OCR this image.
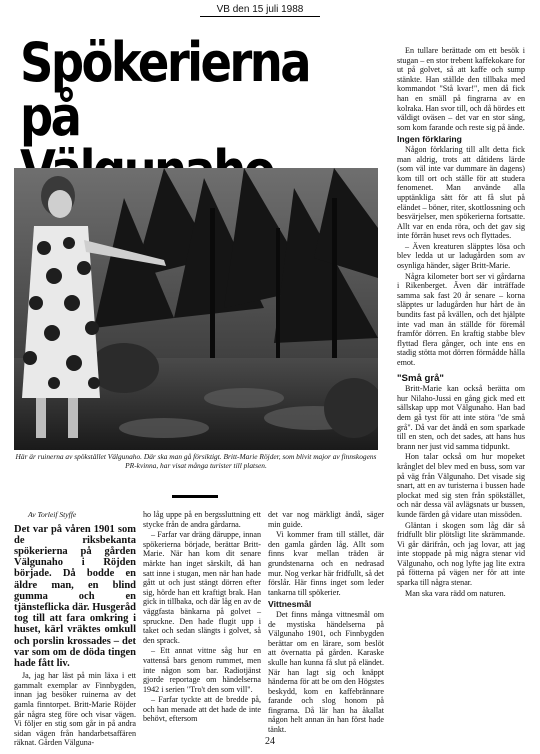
VB den 15 juli 1988
Spökerierna
på
Här är ruinerna av spökstället Välgunaho. Där ska man gå försiktigt. Britt-Marie Röjder, som blivit major av finnskogens PR-kvinna, har visat många turister till platsen.

Av Torleif Styffe

Det var på våren 1901 som de riksbekanta spökerierna på gården Välgunaho i Röjden började. Då bodde en äldre man, en blind gumma och en tjänsteflicka där. Husgeråd tog till att fara omkring i huset, kärl vräktes omkull och porslin krossades – det var som om de döda tingen hade fått liv.

Ja, jag har läst på min läxa i ett gammalt exemplar av Finnbygden, innan jag besöker ruinerna av det gamla finntorpet. Britt-Marie Röjder går några steg före och visar vägen. Vi följer en stig som går in på andra sidan vägen från handarbetsaffären räknat. Gården Välguna-

ho låg uppe på en bergssluttning ett stycke från de andra gårdarna.

– Farfar var dräng däruppe, innan spökerierna började, berättar Britt-Marie. När han kom dit senare märkte han inget särskilt, då han satt inne i stugan, men när han hade gått ut och just stängt dörren efter sig, hörde han ett kraftigt brak. Han gick in tillbaka, och där låg en av de väggfasta bänkarna på golvet – spruckne. Den hade flugit upp i taket och sedan slängts i golvet, så den sprack.

– Ett annat vittne såg hur en vattenså bars genom rummet, men inte någon som bar. Radiotjänst gjorde reportage om händelserna 1942 i serien "Tro't den som vill".

– Farfar tyckte att de bredde på, och han menade att det hade de inte behövt, eftersom

det var nog märkligt ändå, säger min guide.

Vi kommer fram till stället, där den gamla gården låg. Allt som finns kvar mellan träden är grundstenarna och en nedrasad mur. Nog verkar här fridfullt, så det förslår. Här finns inget som leder tankarna till spökerier.

Vittnesmål

Det finns många vittnesmål om de mystiska händelserna på Välgunaho 1901, och Finnbygden berättar om en lärare, som beslöt att övernatta på gården. Karaske skulle han kunna få slut på eländet. När han lagt sig och knäppt händerna för att be om den Högstes beskydd, kom en kaffebrännare farande och slog honom på fingrarna. Då lär han ha åkallat någon helt annan än han först hade tänkt.

En tullare berättade om ett besök i stugan – en stor trebent kaffekokare for ut på golvet, så att kaffe och sump stänkte. Han ställde den tillbaka med kommandot "Stå kvar!", men då fick han en smäll på fingrarna av en kolraka. Han svor till, och då hördes ett väldigt oväsen – det var en stor säng, som kom farande och reste sig på ände.

Ingen förklaring

Någon förklaring till allt detta fick man aldrig, trots att dåtidens lärde (som väl inte var dummare än dagens) kom till ort och ställe för att studera fenomenet. Man använde alla upptänkliga sätt för att få slut på eländet – böner, riter, skottlossning och besvärjelser, men spökerierna fortsatte. Allt var en enda röra, och det gav sig inte förrän huset revs och flyttades.

– Även kreaturen släpptes lösa och blev ledda ut ur ladugården som av osynliga händer, säger Britt-Marie.

Några kilometer bort ser vi gårdarna i Rikenberget. Även där inträffade samma sak fast 20 år senare – korna släpptes ur ladugården hur hårt de än bundits fast på kvällen, och det hjälpte inte vad man än ställde för föremål framför dörren. En kraftig stabbe blev flyttad flera gånger, och inte ens en stadig stötta mot dörren förmådde hålla emot.

"Små grå"

Britt-Marie kan också berätta om hur Nilaho-Jussi en gång gick med ett sällskap upp mot Välgunaho. Han bad dem gå tyst för att inte störa "de små grå". Då var det ändå en som sparkade till en sten, och det sades, att hans hus brann ner just vid samma tidpunkt.

Hon talar också om hur mopeket krånglet del blev med en buss, som var på väg från Välgunaho. Det visade sig snart, att en av turisterna i bussen hade plockat med sig sten från spökstället, och när dessa väl avlägsnats ur bussen, kunde färden gå vidare utan missöden.

Gläntan i skogen som låg där så fridfullt blir plötsligt lite skrämmande. Vi går därifrån, och jag lovar, att jag inte stoppade på mig några stenar vid Välgunaho, och nog lyfte jag lite extra på fötterna på vägen ner för att inte sparka till några stenar.

Man ska vara rädd om naturen.

24
